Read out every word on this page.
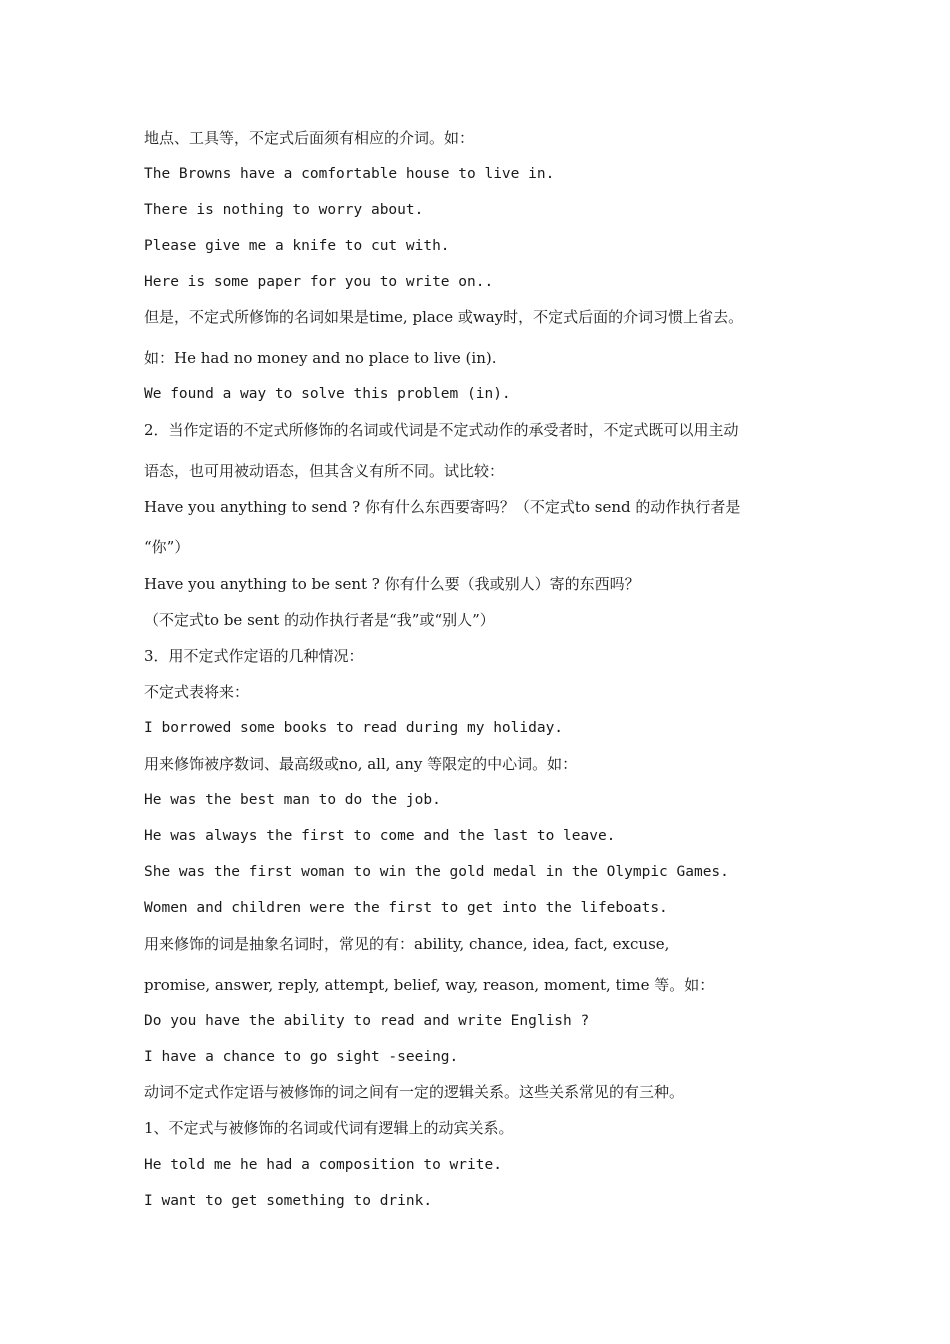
地点、工具等，不定式后面须有相应的介词。如：
The Browns have a comfortable house to live in.
There is nothing to worry about.
Please give me a knife to cut with.
Here is some paper for you to write on..
但是，不定式所修饰的名词如果是time, place 或way时，不定式后面的介词习惯上省去。
如：He had no money and no place to live (in).
We found a way to solve this problem (in).
2．当作定语的不定式所修饰的名词或代词是不定式动作的承受者时，不定式既可以用主动
语态，也可用被动语态，但其含义有所不同。试比较：
Have you anything to send ? 你有什么东西要寄吗？（不定式to send 的动作执行者是
“你”）
Have you anything to be sent ? 你有什么要（我或别人）寄的东西吗？
（不定式to be sent 的动作执行者是“我”或“别人”）
3．用不定式作定语的几种情况：
不定式表将来：
I borrowed some books to read during my holiday.
用来修饰被序数词、最高级或no, all, any 等限定的中心词。如：
He was the best man to do the job.
He was always the first to come and the last to leave.
She was the first woman to win the gold medal in the Olympic Games.
Women and children were the first to get into the lifeboats.
用来修饰的词是抽象名词时，常见的有：ability, chance, idea, fact, excuse,
promise, answer, reply, attempt, belief, way, reason, moment, time 等。如：
Do you have the ability to read and write English ?
I have a chance to go sight -seeing.
动词不定式作定语与被修饰的词之间有一定的逻辑关系。这些关系常见的有三种。
1、不定式与被修饰的名词或代词有逻辑上的动宾关系。
He told me he had a composition to write.
I want to get something to drink.
